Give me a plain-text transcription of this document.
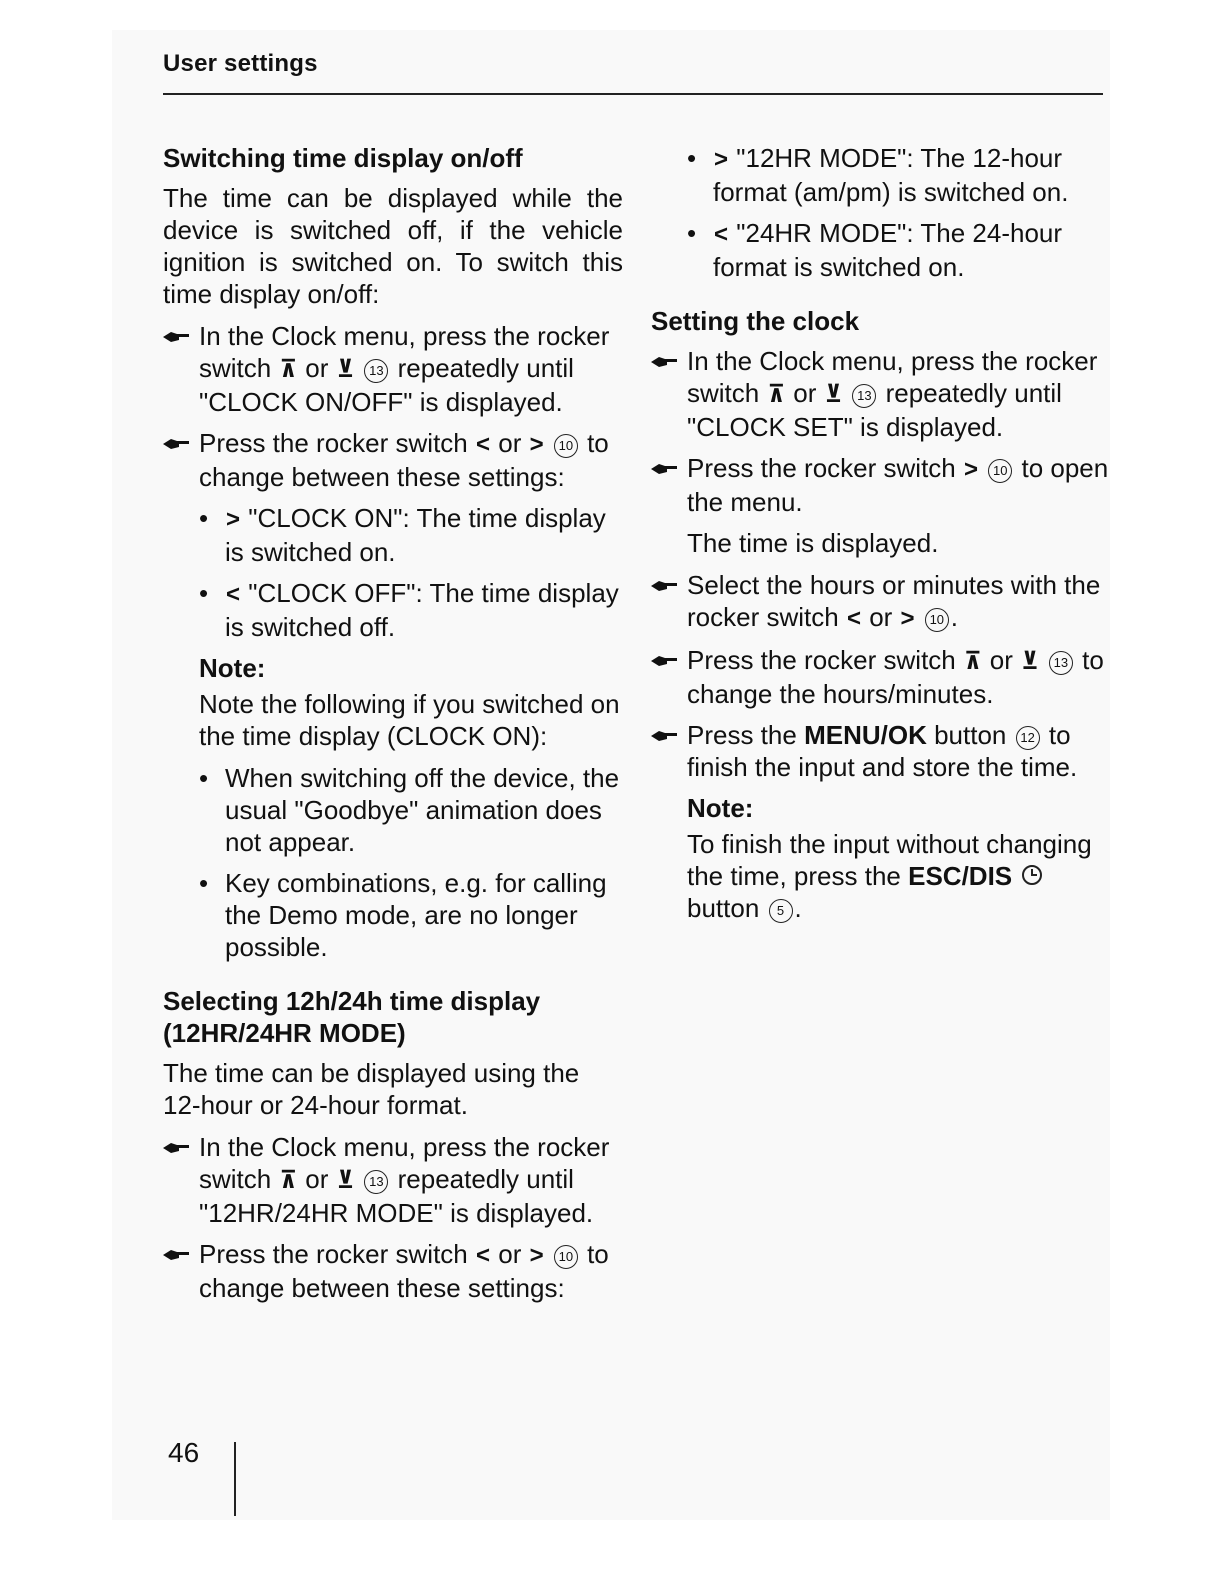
User settings
Switching time display on/off
The time can be displayed while the device is switched off, if the vehicle ignition is switched on. To switch this time display on/off:
In the Clock menu, press the rocker switch ⊼ or ⊻ 13 repeatedly until "CLOCK ON/OFF" is displayed.
Press the rocker switch < or > 10 to change between these settings:
• > "CLOCK ON": The time display is switched on.
• < "CLOCK OFF": The time display is switched off.
Note:
Note the following if you switched on the time display (CLOCK ON):
• When switching off the device, the usual "Goodbye" animation does not appear.
• Key combinations, e.g. for calling the Demo mode, are no longer possible.
Selecting 12h/24h time display (12HR/24HR MODE)
The time can be displayed using the 12-hour or 24-hour format.
In the Clock menu, press the rocker switch ⊼ or ⊻ 13 repeatedly until "12HR/24HR MODE" is displayed.
Press the rocker switch < or > 10 to change between these settings:
• > "12HR MODE": The 12-hour format (am/pm) is switched on.
• < "24HR MODE": The 24-hour format is switched on.
Setting the clock
In the Clock menu, press the rocker switch ⊼ or ⊻ 13 repeatedly until "CLOCK SET" is displayed.
Press the rocker switch > 10 to open the menu.
The time is displayed.
Select the hours or minutes with the rocker switch < or > 10 .
Press the rocker switch ⊼ or ⊻ 13 to change the hours/minutes.
Press the MENU/OK button 12 to finish the input and store the time.
Note:
To finish the input without changing the time, press the ESC/DIS  button 5 .
46
